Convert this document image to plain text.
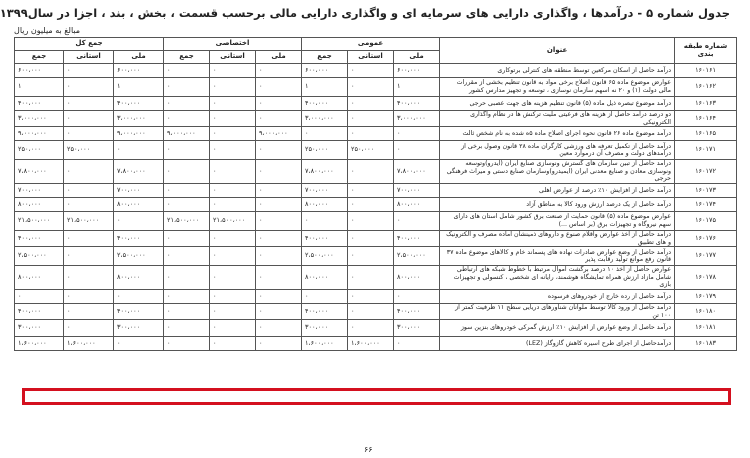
جدول شماره ۵ - درآمدها ، واگذاری دارایی های سرمایه ای و واگذاری دارایی مالی برحسب قسمت ، بخش ، بند ، اجزا در سال۱۳۹۹
مبالغ به میلیون ریال
شماره طبقه بندی	عنوان	عمومی			اختصاصی			جمع کل		
		ملی	استانی	جمع	ملی	استانی	جمع	ملی	استانی	جمع
۱۶۰۱۶۱	درآمد حاصل از اسکان مرکعین توسط منطقه های کنترلی برتوکاری	۶۰۰،۰۰۰	۰	۶۰۰،۰۰۰	۰	۰	۰	۶۰۰،۰۰۰	۰	۶۰۰،۰۰۰
۱۶۰۱۶۲	عوارض موضوع ماده ۶۵ قانون اصلاح برخی مواد به قانون تنظیم بخشی از مقررات مالی دولت (۱) و ۲۰ نه اسهم سازمان نوسازی ، توسعه و تجهیز مدارس کشور	۱	۰	۱	۰	۰	۰	۱	۰	۱
۱۶۰۱۶۳	درآمد موضوع تبصره ذیل ماده (۵) قانون تنظیم هزینه های جهت عصبی حرجی	۴۰۰،۰۰۰	۰	۴۰۰،۰۰۰	۰	۰	۰	۴۰۰،۰۰۰	۰	۴۰۰،۰۰۰
۱۶۰۱۶۴	دو درصد درآمد حاصل از هزینه های فرعیتی ملیت ترکنش ها در نظام واگذاری الکترونیکی	۳،۰۰۰،۰۰۰	۰	۳،۰۰۰،۰۰۰	۰	۰	۰	۳،۰۰۰،۰۰۰	۰	۳،۰۰۰،۰۰۰
۱۶۰۱۶۵	درآمد موضوع ماده ۲۶ قانون نحوه اجرای اصلاح ماده ۵ه شده به نام شخص ثالث	۰	۰	۰	۹،۰۰۰،۰۰۰	۰	۹،۰۰۰،۰۰۰	۹،۰۰۰،۰۰۰	۰	۹،۰۰۰،۰۰۰
۱۶۰۱۷۱	درآمد حاصل از تکمیل تعرفه های ورزشی کارگران ماده ۲۸ قانون وصول برخی از درآمدهای دولت و مصرف آن درموارد معین	۰	۲۵۰،۰۰۰	۲۵۰،۰۰۰	۰	۰	۰	۰	۲۵۰،۰۰۰	۲۵۰،۰۰۰
۱۶۰۱۷۲	درآمد حاصل از تبین سازمان های گسترش ونوسازی صنایع ایران (ایدرو)وتوسعه ونوسازی معادن و صنایع معدنی ایران (ایمیدرو)وسازمان صنایع دستی و میراث فرهنگی حرجی	۷،۸۰۰،۰۰۰	۰	۷،۸۰۰،۰۰۰	۰	۰	۰	۷،۸۰۰،۰۰۰	۰	۷،۸۰۰،۰۰۰
۱۶۰۱۷۳	درآمد حاصل از افزایش ۱۰٪ درصد از عوارض اهلی	۷۰۰،۰۰۰	۰	۷۰۰،۰۰۰	۰	۰	۰	۷۰۰،۰۰۰	۰	۷۰۰،۰۰۰
۱۶۰۱۷۴	درآمد حاصل از یک درصد ارزش ورود کالا به مناطق آزاد	۸۰۰،۰۰۰	۰	۸۰۰،۰۰۰	۰	۰	۰	۸۰۰،۰۰۰	۰	۸۰۰،۰۰۰
۱۶۰۱۷۵	عوارض موضوع ماده (۵) قانون حمایت از صنعت برق کشور شامل استان های دارای سهم نیروگاه و تجهیزات برق (بر اساس ...)	۰	۰	۰	۰	۲۱،۵۰۰،۰۰۰	۲۱،۵۰۰،۰۰۰	۰	۲۱،۵۰۰،۰۰۰	۲۱،۵۰۰،۰۰۰
۱۶۰۱۷۶	درآمد حاصل از اخذ عوارض واقلام صنوع و داروهای ذمینشان آماده مصرف و الکترونیک و های تطبیق	۴۰۰،۰۰۰	۰	۴۰۰،۰۰۰	۰	۰	۰	۴۰۰،۰۰۰	۰	۴۰۰،۰۰۰
۱۶۰۱۷۷	درآمد حاصل از وضع عوارض صادرات نهاده های پسماند خام و کالاهای موضوع ماده ۳۷ قانون رفع موانع تولید رقابت پذیر	۲،۵۰۰،۰۰۰	۰	۲،۵۰۰،۰۰۰	۰	۰	۰	۲،۵۰۰،۰۰۰	۰	۲،۵۰۰،۰۰۰
۱۶۰۱۷۸	عوارض حاصل از اخذ ۱۰ درصد برگشت اموال مرتبط با خطوط شبکه های ارتباطی شامل مازاد ارزش همراه تمایشگاه هوشمند، رایانه ای شخصی ، کنسولی و تجهیزات بازی	۸۰۰،۰۰۰	۰	۸۰۰،۰۰۰	۰	۰	۰	۸۰۰،۰۰۰	۰	۸۰۰،۰۰۰
۱۶۰۱۷۹	درآمد حاصل از رده خارج از خودروهای فرسوده	۰	۰	۰	۰	۰	۰	۰	۰	۰
۱۶۰۱۸۰	درآمد حاصل از ورود کالا توسط ملوانان شناورهای دریایی سطح ۱۱ ظرفیت کمتر از ۱۰۰ تن	۴۰۰،۰۰۰	۰	۴۰۰،۰۰۰	۰	۰	۰	۴۰۰،۰۰۰	۰	۴۰۰،۰۰۰
۱۶۰۱۸۱	درآمد حاصل از وضع عوارض از افزایش ۱۰٪ ارزش گمرکی خودروهای بنزین سوز	۳۰۰،۰۰۰	۰	۳۰۰،۰۰۰	۰	۰	۰	۳۰۰،۰۰۰	۰	۳۰۰،۰۰۰
۱۶۰۱۸۳	درآمدحاصل از اجرای طرح اسیره کاهش گازوگاز (LEZ)	۰	۱،۶۰۰،۰۰۰	۱،۶۰۰،۰۰۰	۰	۰	۰	۰	۱،۶۰۰،۰۰۰	۱،۶۰۰،۰۰۰
۶۶
